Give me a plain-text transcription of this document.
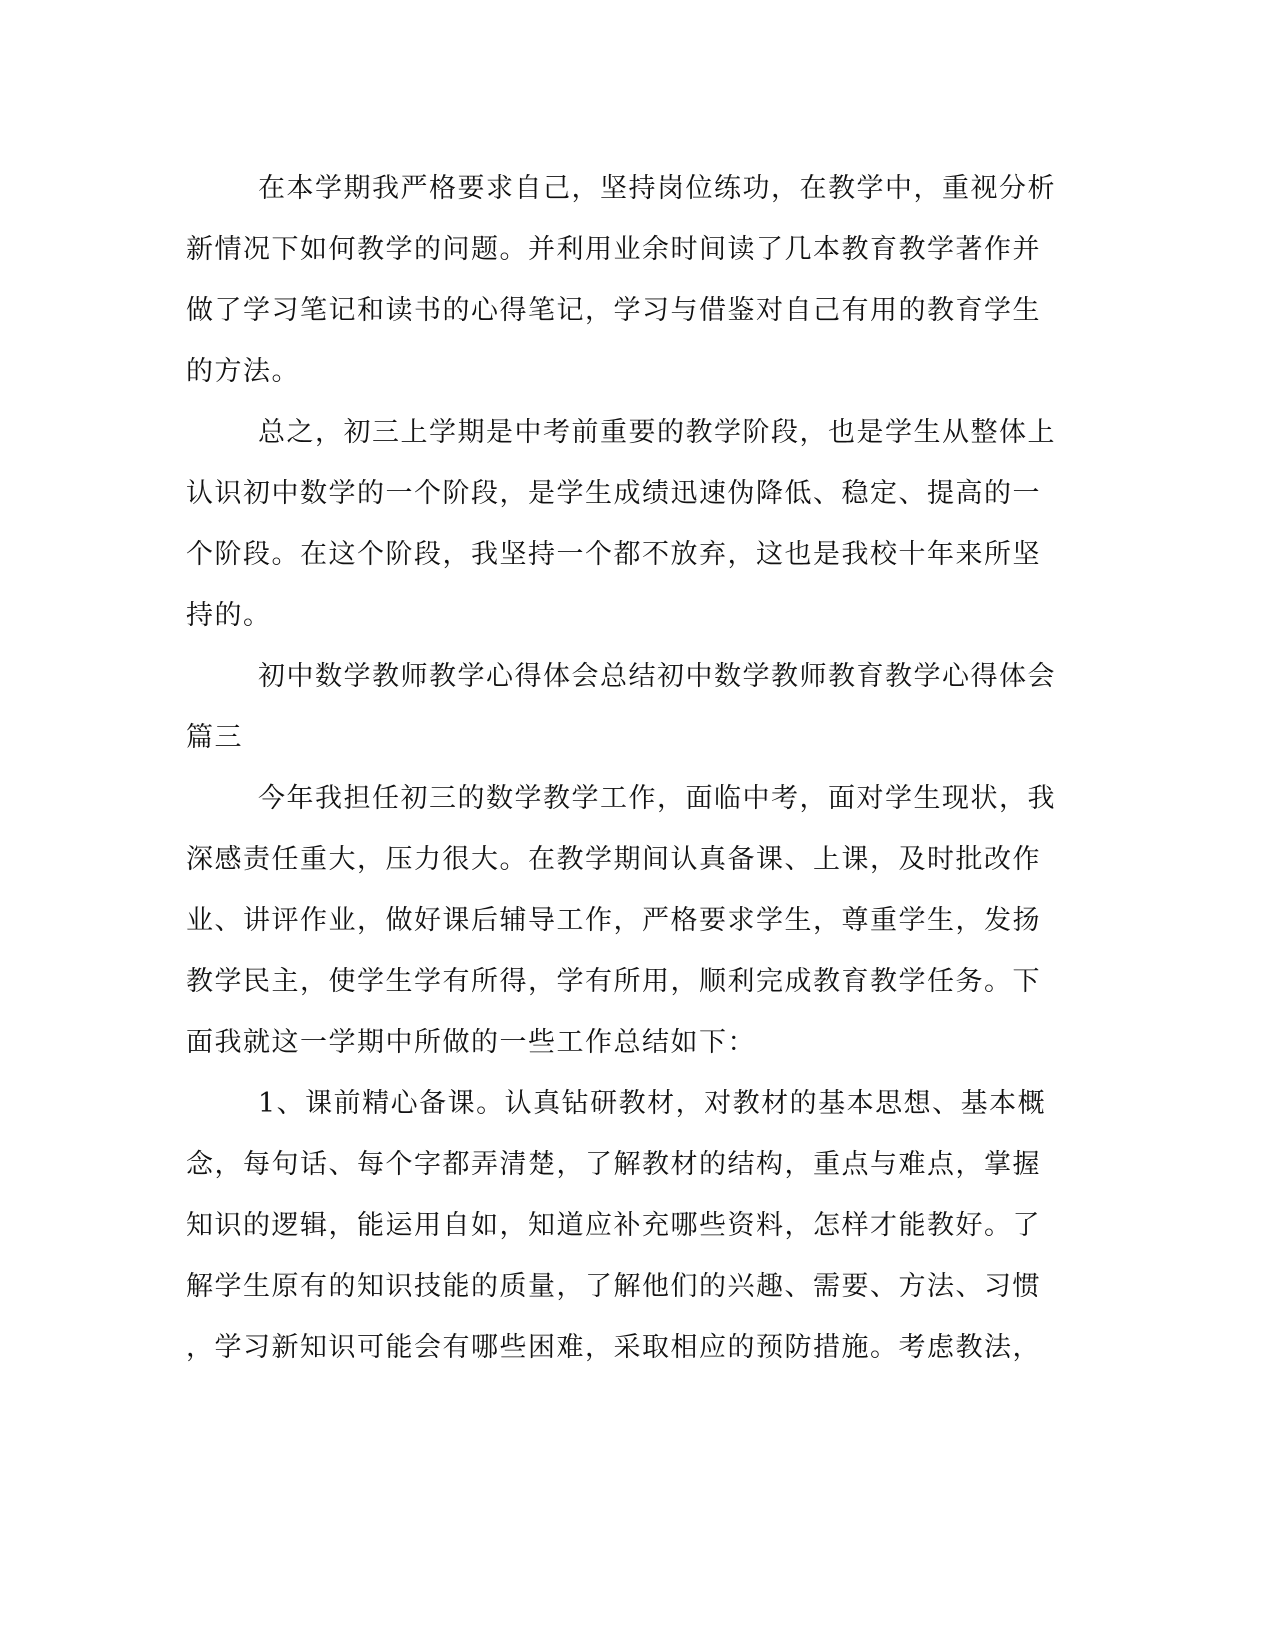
在本学期我严格要求自己，坚持岗位练功，在教学中，重视分析
新情况下如何教学的问题。并利用业余时间读了几本教育教学著作并
做了学习笔记和读书的心得笔记，学习与借鉴对自己有用的教育学生
的方法。
总之，初三上学期是中考前重要的教学阶段，也是学生从整体上
认识初中数学的一个阶段，是学生成绩迅速伪降低、稳定、提高的一
个阶段。在这个阶段，我坚持一个都不放弃，这也是我校十年来所坚
持的。
初中数学教师教学心得体会总结初中数学教师教育教学心得体会
篇三
今年我担任初三的数学教学工作，面临中考，面对学生现状，我
深感责任重大，压力很大。在教学期间认真备课、上课，及时批改作
业、讲评作业，做好课后辅导工作，严格要求学生，尊重学生，发扬
教学民主，使学生学有所得，学有所用，顺利完成教育教学任务。下
面我就这一学期中所做的一些工作总结如下：
1、课前精心备课。认真钻研教材，对教材的基本思想、基本概
念，每句话、每个字都弄清楚，了解教材的结构，重点与难点，掌握
知识的逻辑，能运用自如，知道应补充哪些资料，怎样才能教好。了
解学生原有的知识技能的质量，了解他们的兴趣、需要、方法、习惯
，学习新知识可能会有哪些困难，采取相应的预防措施。考虑教法，
